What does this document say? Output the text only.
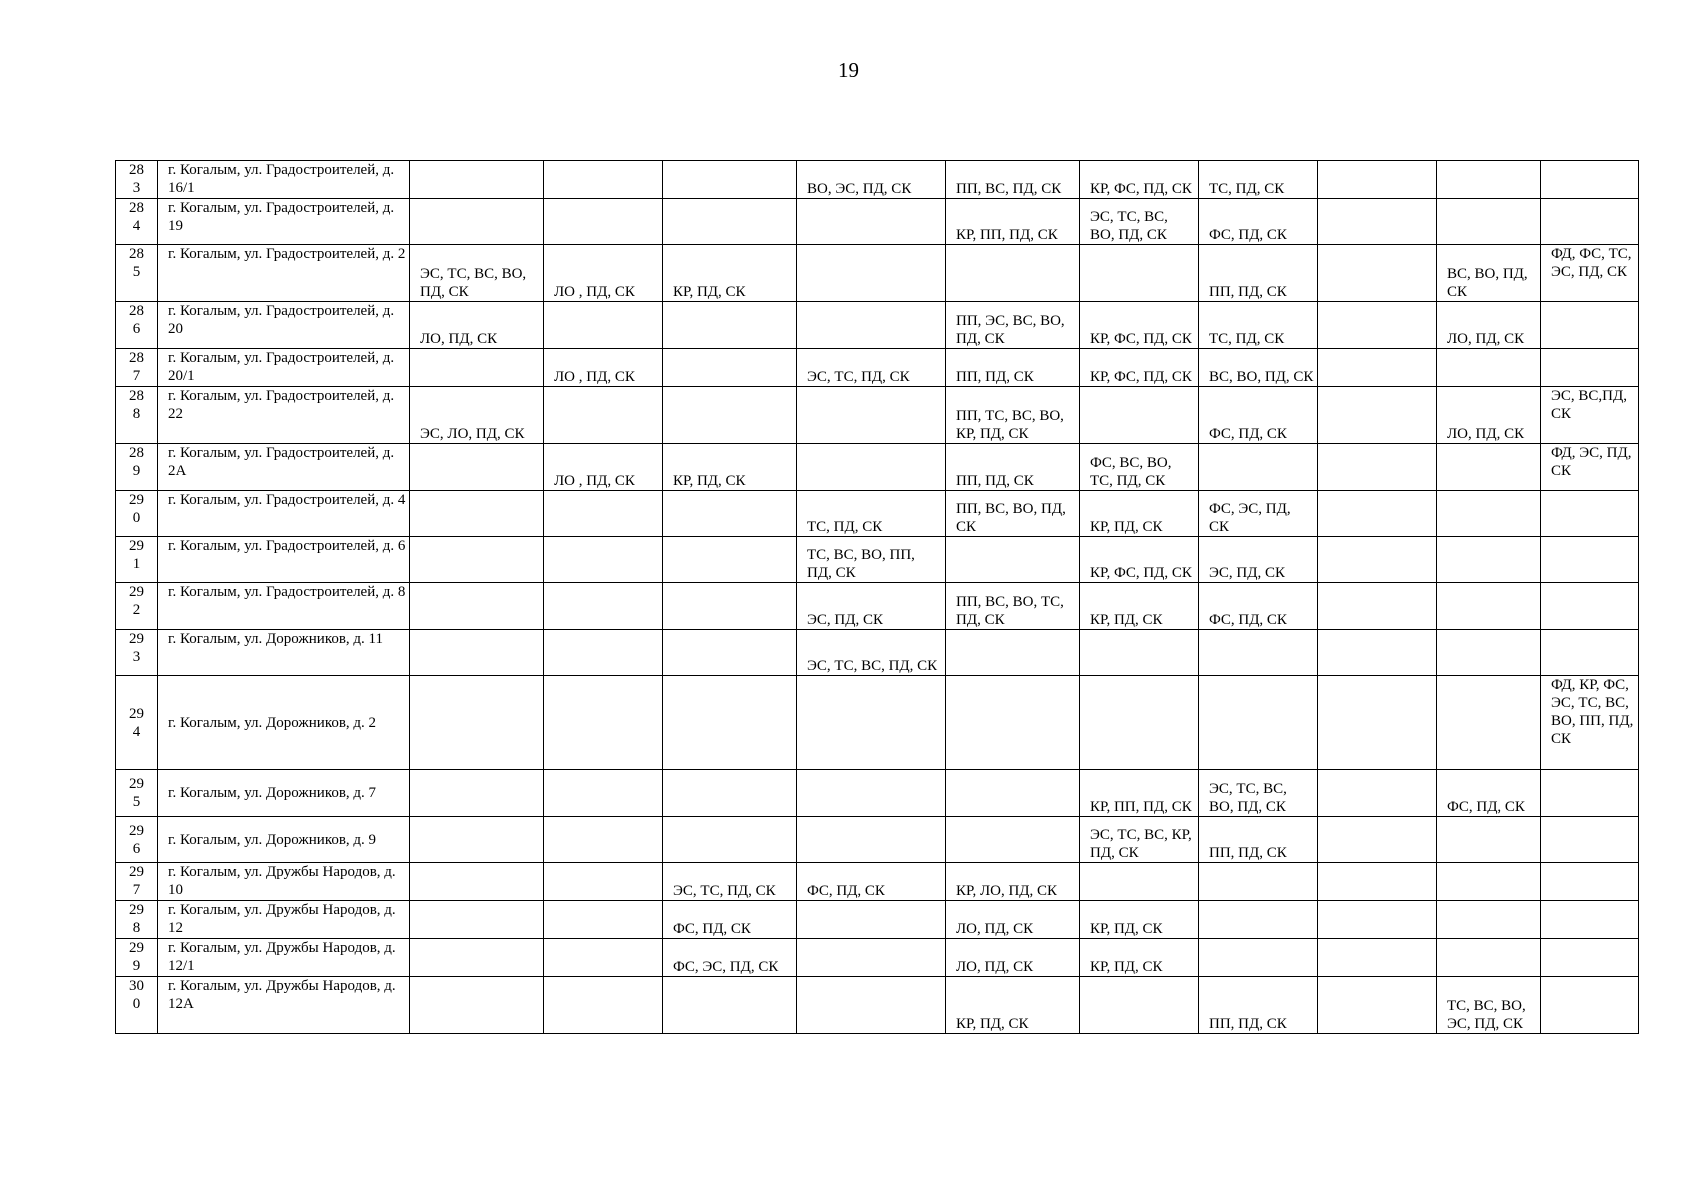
19
28
3	г. Когалым, ул. Градостроителей, д. 16/1				ВО, ЭС, ПД, СК	ПП, ВС, ПД, СК	КР, ФС, ПД, СК	ТС, ПД, СК			

28
4	г. Когалым, ул. Градостроителей, д. 19					КР, ПП, ПД, СК	ЭС, ТС, ВС, ВО, ПД, СК	ФС, ПД, СК			

28
5	г. Когалым, ул. Градостроителей, д. 2	ЭС, ТС, ВС, ВО, ПД, СК	ЛО , ПД, СК	КР, ПД, СК				ПП, ПД, СК		ВС, ВО, ПД, СК	ФД, ФС, ТС, ЭС, ПД, СК

28
6	г. Когалым, ул. Градостроителей, д. 20	ЛО, ПД, СК				ПП, ЭС, ВС, ВО, ПД, СК	КР, ФС, ПД, СК	ТС, ПД, СК		ЛО, ПД, СК	

28
7	г. Когалым, ул. Градостроителей, д. 20/1		ЛО , ПД, СК		ЭС, ТС, ПД, СК	ПП, ПД, СК	КР, ФС, ПД, СК	ВС, ВО, ПД, СК			

28
8	г. Когалым, ул. Градостроителей, д. 22	ЭС, ЛО, ПД, СК				ПП, ТС, ВС, ВО, КР, ПД, СК		ФС, ПД, СК		ЛО, ПД, СК	ЭС, ВС,ПД, СК

28
9	г. Когалым, ул. Градостроителей, д. 2А		ЛО , ПД, СК	КР, ПД, СК		ПП, ПД, СК	ФС, ВС, ВО, ТС, ПД, СК				ФД, ЭС, ПД, СК

29
0	г. Когалым, ул. Градостроителей, д. 4				ТС, ПД, СК	ПП, ВС, ВО, ПД, СК	КР, ПД, СК	ФС, ЭС, ПД, СК			

29
1	г. Когалым, ул. Градостроителей, д. 6				ТС, ВС, ВО, ПП, ПД, СК		КР, ФС, ПД, СК	ЭС, ПД, СК			

29
2	г. Когалым, ул. Градостроителей, д. 8				ЭС, ПД, СК	ПП, ВС, ВО, ТС, ПД, СК	КР, ПД, СК	ФС, ПД, СК			

29
3	г. Когалым, ул. Дорожников, д. 11				ЭС, ТС, ВС, ПД, СК						

29
4	г. Когалым, ул. Дорожников, д. 2										ФД, КР, ФС, ЭС, ТС, ВС, ВО, ПП, ПД, СК

29
5	г. Когалым, ул. Дорожников, д. 7						КР, ПП, ПД, СК	ЭС, ТС, ВС, ВО, ПД, СК		ФС, ПД, СК	

29
6	г. Когалым, ул. Дорожников, д. 9						ЭС, ТС, ВС, КР, ПД, СК	ПП, ПД, СК			

29
7	г. Когалым, ул. Дружбы Народов, д. 10			ЭС, ТС, ПД, СК	ФС, ПД, СК	КР, ЛО, ПД, СК					

29
8	г. Когалым, ул. Дружбы Народов, д. 12			ФС, ПД, СК		ЛО, ПД, СК	КР, ПД, СК				

29
9	г. Когалым, ул. Дружбы Народов, д. 12/1			ФС, ЭС, ПД, СК		ЛО, ПД, СК	КР, ПД, СК				

30
0	г. Когалым, ул. Дружбы Народов, д. 12А					КР, ПД, СК		ПП, ПД, СК		ТС, ВС, ВО, ЭС, ПД, СК	
